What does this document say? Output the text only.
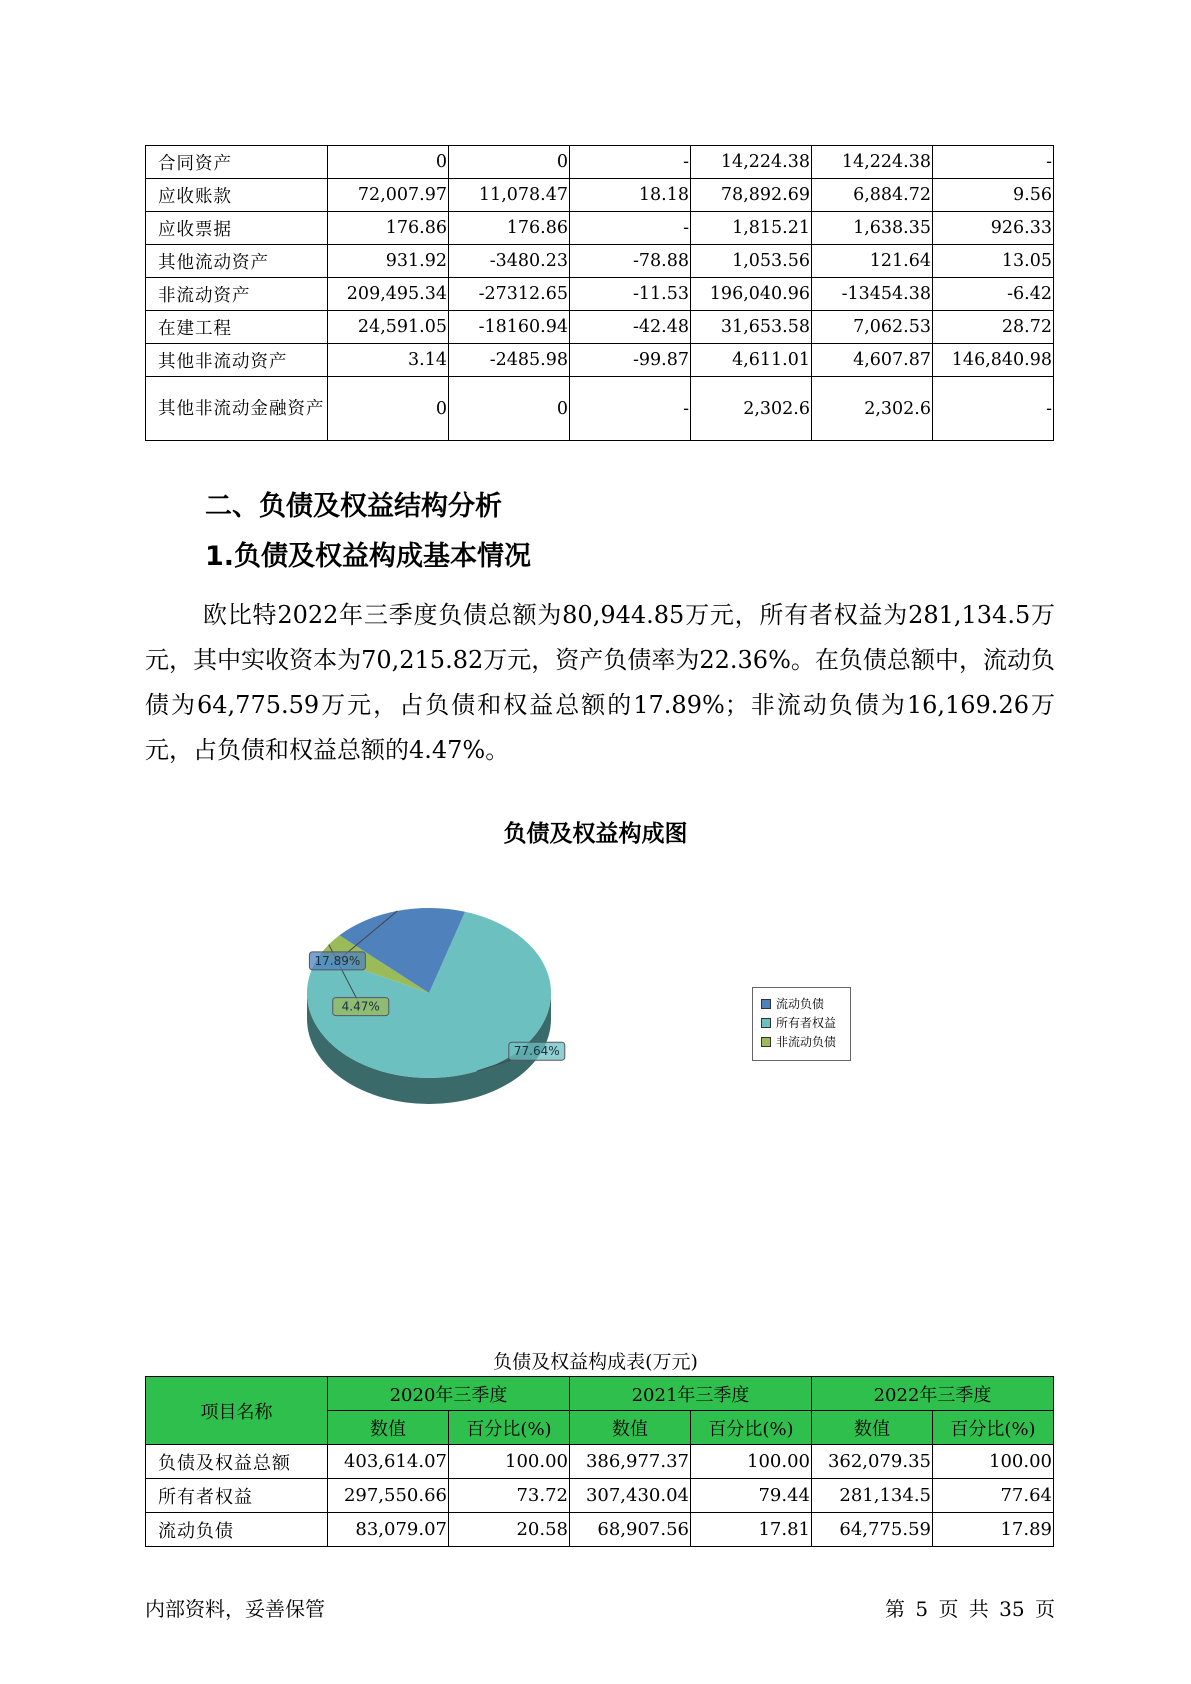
合同资产	0	0	-	14,224.38	14,224.38	-
应收账款	72,007.97	11,078.47	18.18	78,892.69	6,884.72	9.56
应收票据	176.86	176.86	-	1,815.21	1,638.35	926.33
其他流动资产	931.92	-3480.23	-78.88	1,053.56	121.64	13.05
非流动资产	209,495.34	-27312.65	-11.53	196,040.96	-13454.38	-6.42
在建工程	24,591.05	-18160.94	-42.48	31,653.58	7,062.53	28.72
其他非流动资产	3.14	-2485.98	-99.87	4,611.01	4,607.87	146,840.98
其他非流动金融资产	0	0	-	2,302.6	2,302.6	-
二、负债及权益结构分析
1.负债及权益构成基本情况

欧比特2022年三季度负债总额为80,944.85万元，所有者权益为281,134.5万元，其中实收资本为70,215.82万元，资产负债率为22.36%。在负债总额中，流动负债为64,775.59万元，占负债和权益总额的17.89%；非流动负债为16,169.26万元，占负债和权益总额的4.47%。

负债及权益构成图
77.64%
4.47%
17.89%
流动负债
所有者权益
非流动负债
负债及权益构成表(万元)
项目名称	2020年三季度		2021年三季度		2022年三季度	
	数值	百分比(%)	数值	百分比(%)	数值	百分比(%)
负债及权益总额	403,614.07	100.00	386,977.37	100.00	362,079.35	100.00
所有者权益	297,550.66	73.72	307,430.04	79.44	281,134.5	77.64
流动负债	83,079.07	20.58	68,907.56	17.81	64,775.59	17.89
内部资料，妥善保管	第 5 页 共 35 页
